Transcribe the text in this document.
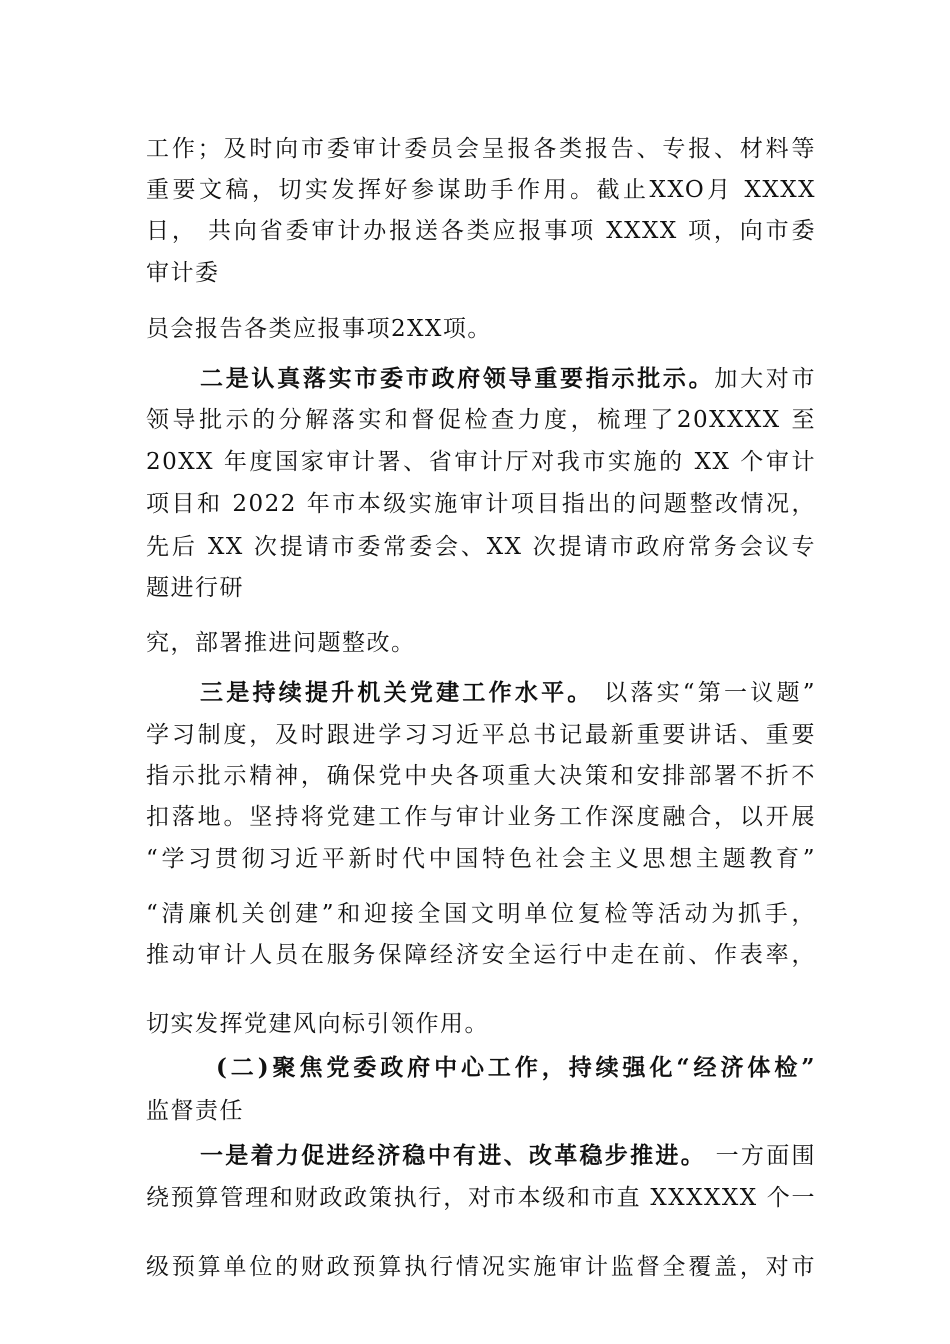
工作；及时向市委审计委员会呈报各类报告、专报、材料等
重要文稿，切实发挥好参谋助手作用。截止XXO月 XXXX
日， 共向省委审计办报送各类应报事项 XXXX 项，向市委
审计委
员会报告各类应报事项2XX项。
二是认真落实市委市政府领导重要指示批示。加大对市
领导批示的分解落实和督促检查力度，梳理了20XXXX 至
20XX 年度国家审计署、省审计厅对我市实施的 XX 个审计
项目和 2022 年市本级实施审计项目指出的问题整改情况，
先后 XX 次提请市委常委会、XX 次提请市政府常务会议专
题进行研
究，部署推进问题整改。
三是持续提升机关党建工作水平。 以落实“第一议题”
学习制度，及时跟进学习习近平总书记最新重要讲话、重要
指示批示精神，确保党中央各项重大决策和安排部署不折不
扣落地。坚持将党建工作与审计业务工作深度融合，以开展
“学习贯彻习近平新时代中国特色社会主义思想主题教育”
“清廉机关创建”和迎接全国文明单位复检等活动为抓手，
推动审计人员在服务保障经济安全运行中走在前、作表率，
切实发挥党建风向标引领作用。
(二)聚焦党委政府中心工作，持续强化“经济体检”
监督责任
一是着力促进经济稳中有进、改革稳步推进。 一方面围
绕预算管理和财政政策执行，对市本级和市直 XXXXXX 个一
级预算单位的财政预算执行情况实施审计监督全覆盖，对市
